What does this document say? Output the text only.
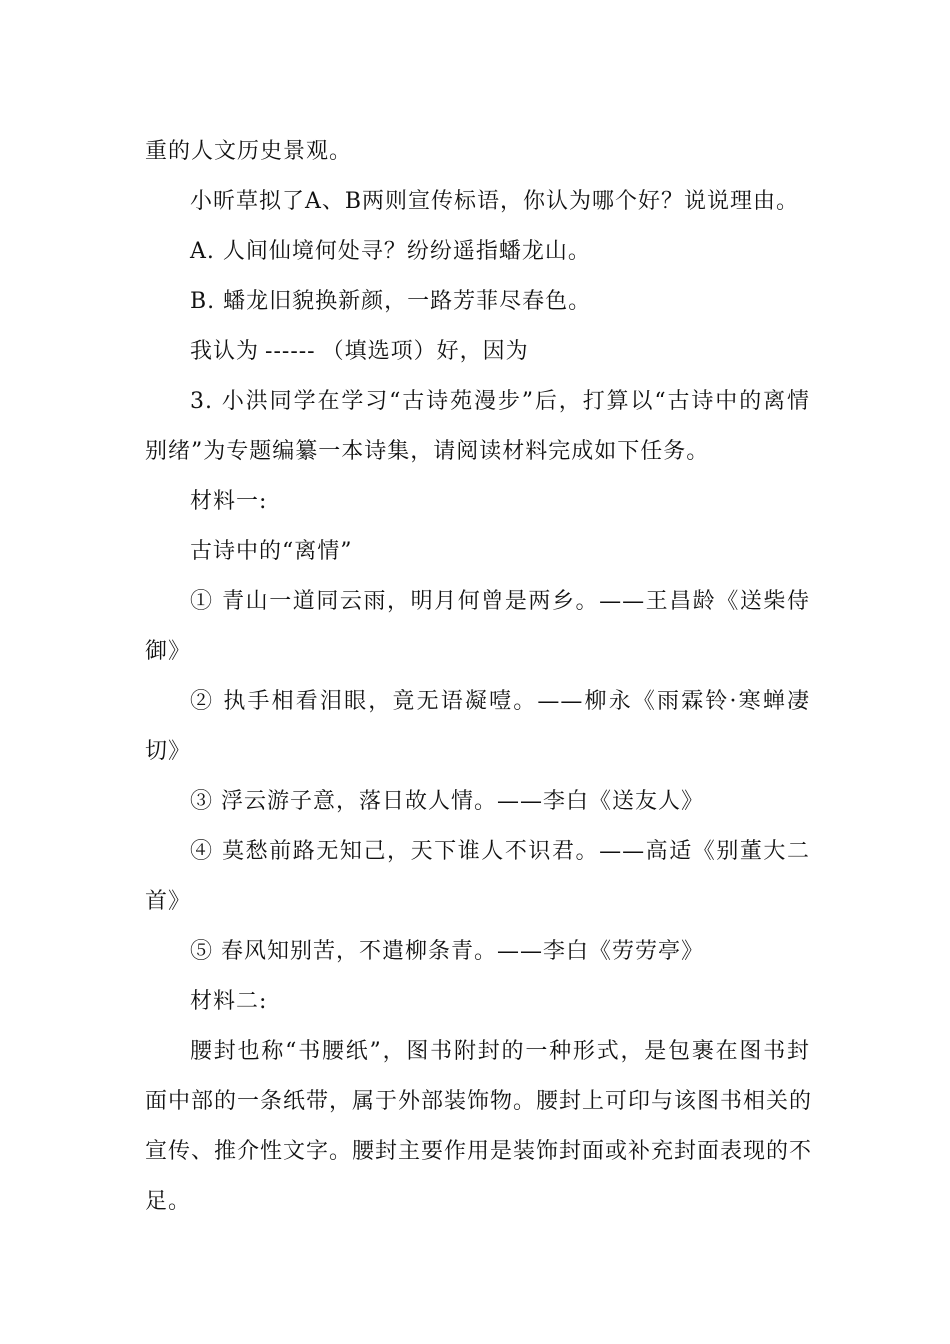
重的人文历史景观。
小昕草拟了A、B两则宣传标语，你认为哪个好？说说理由。
A. 人间仙境何处寻？纷纷遥指蟠龙山。
B. 蟠龙旧貌换新颜，一路芳菲尽春色。
我认为 ------ （填选项）好，因为
3. 小洪同学在学习“古诗苑漫步”后，打算以“古诗中的离情
别绪”为专题编纂一本诗集，请阅读材料完成如下任务。
材料一:
古诗中的“离情”
① 青山一道同云雨，明月何曾是两乡。——王昌龄《送柴侍
御》
② 执手相看泪眼，竟无语凝噎。——柳永《雨霖铃·寒蝉凄
切》
③ 浮云游子意，落日故人情。——李白《送友人》
④ 莫愁前路无知己，天下谁人不识君。——高适《别董大二
首》
⑤ 春风知别苦，不遣柳条青。——李白《劳劳亭》
材料二:
腰封也称“书腰纸”，图书附封的一种形式，是包裹在图书封
面中部的一条纸带，属于外部装饰物。腰封上可印与该图书相关的
宣传、推介性文字。腰封主要作用是装饰封面或补充封面表现的不
足。
